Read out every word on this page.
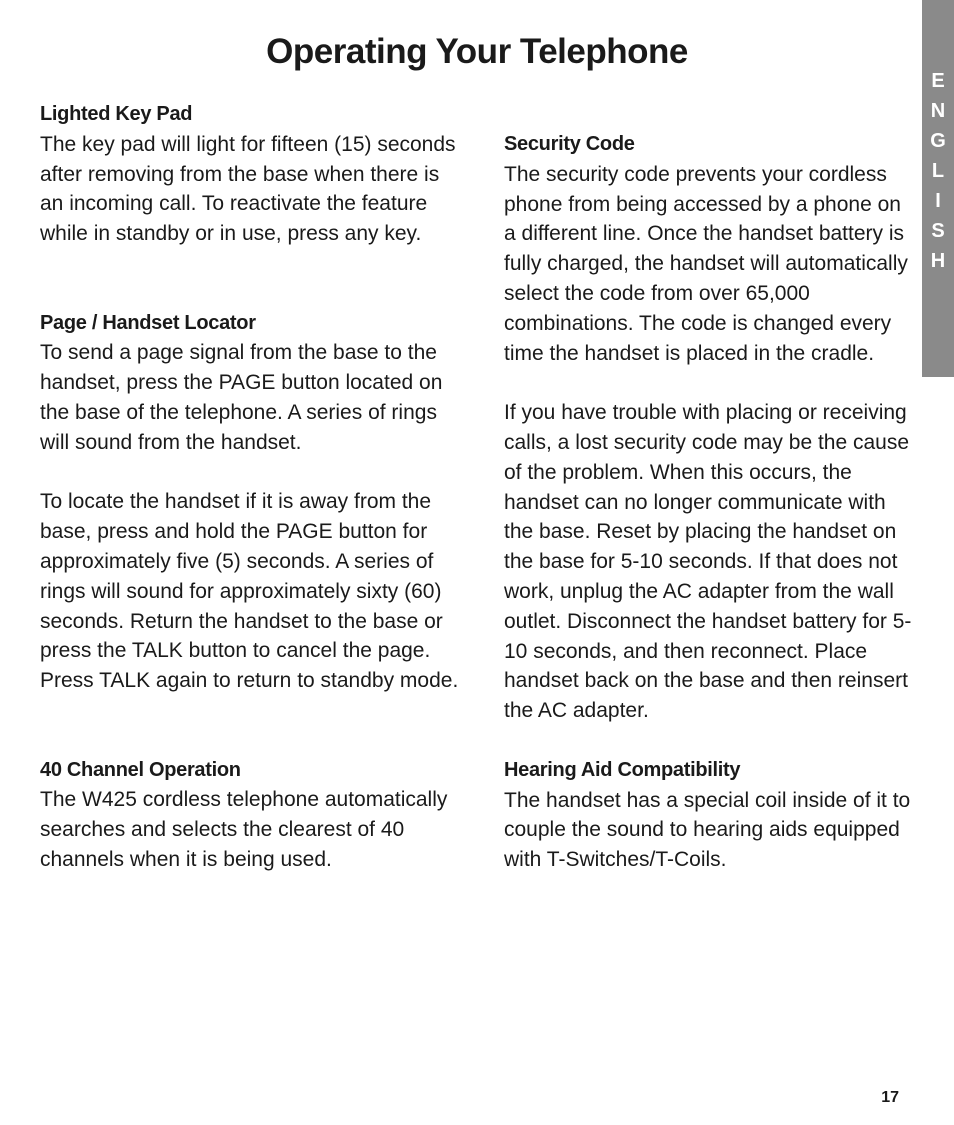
Operating Your Telephone
E
N
G
L
I
S
H
Lighted Key Pad

The key pad will light for fifteen (15) seconds after removing from the base when there is an incoming call. To reactivate the feature while in standby or in use, press any key.

Page / Handset Locator

To send a page signal from the base to the handset, press the PAGE button located on the base of the telephone. A series of rings will sound from the handset.

To locate the handset if it is away from the base, press and hold the PAGE button for approximately five (5) seconds. A series of rings will sound for approximately sixty (60) seconds. Return the handset to the base or press the TALK button to cancel the page. Press TALK again to return to standby mode.

40 Channel Operation

The W425 cordless telephone automatically searches and selects the clearest of 40 channels when it is being used.

Security Code

The security code prevents your cordless phone from being accessed by a phone on a different line. Once the handset battery is fully charged, the handset will automatically select the code from over 65,000 combinations. The code is changed every time the handset is placed in the cradle.

If you have trouble with placing or receiving calls, a lost security code may be the cause of the problem. When this occurs, the handset can no longer communicate with the base. Reset by placing the handset on the base for 5-10 seconds. If that does not work, unplug the AC adapter from the wall outlet. Disconnect the handset battery for 5-10 seconds, and then reconnect. Place handset back on the base and then reinsert the AC adapter.

Hearing Aid Compatibility

The handset has a special coil inside of it to couple the sound to hearing aids equipped with T-Switches/T-Coils.

17
